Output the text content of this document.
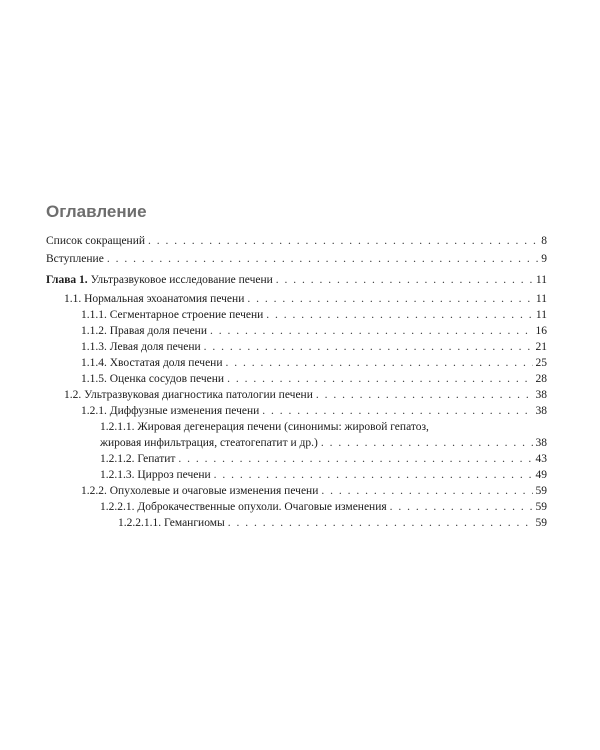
Оглавление
Список сокращений . . .	8
Вступление . . .	9
Глава 1. Ультразвуковое исследование печени . . .	11
1.1. Нормальная эхоанатомия печени . . .	11
1.1.1. Сегментарное строение печени . . .	11
1.1.2. Правая доля печени . . .	16
1.1.3. Левая доля печени . . .	21
1.1.4. Хвостатая доля печени . . .	25
1.1.5. Оценка сосудов печени . . .	28
1.2. Ультразвуковая диагностика патологии печени . . .	38
1.2.1. Диффузные изменения печени . . .	38
1.2.1.1. Жировая дегенерация печени (синонимы: жировой гепатоз,
жировая инфильтрация, стеатогепатит и др.) . . .	38
1.2.1.2. Гепатит . . .	43
1.2.1.3. Цирроз печени . . .	49
1.2.2. Опухолевые и очаговые изменения печени . . .	59
1.2.2.1. Доброкачественные опухоли. Очаговые изменения . . .	59
1.2.2.1.1. Гемангиомы . . .	59
